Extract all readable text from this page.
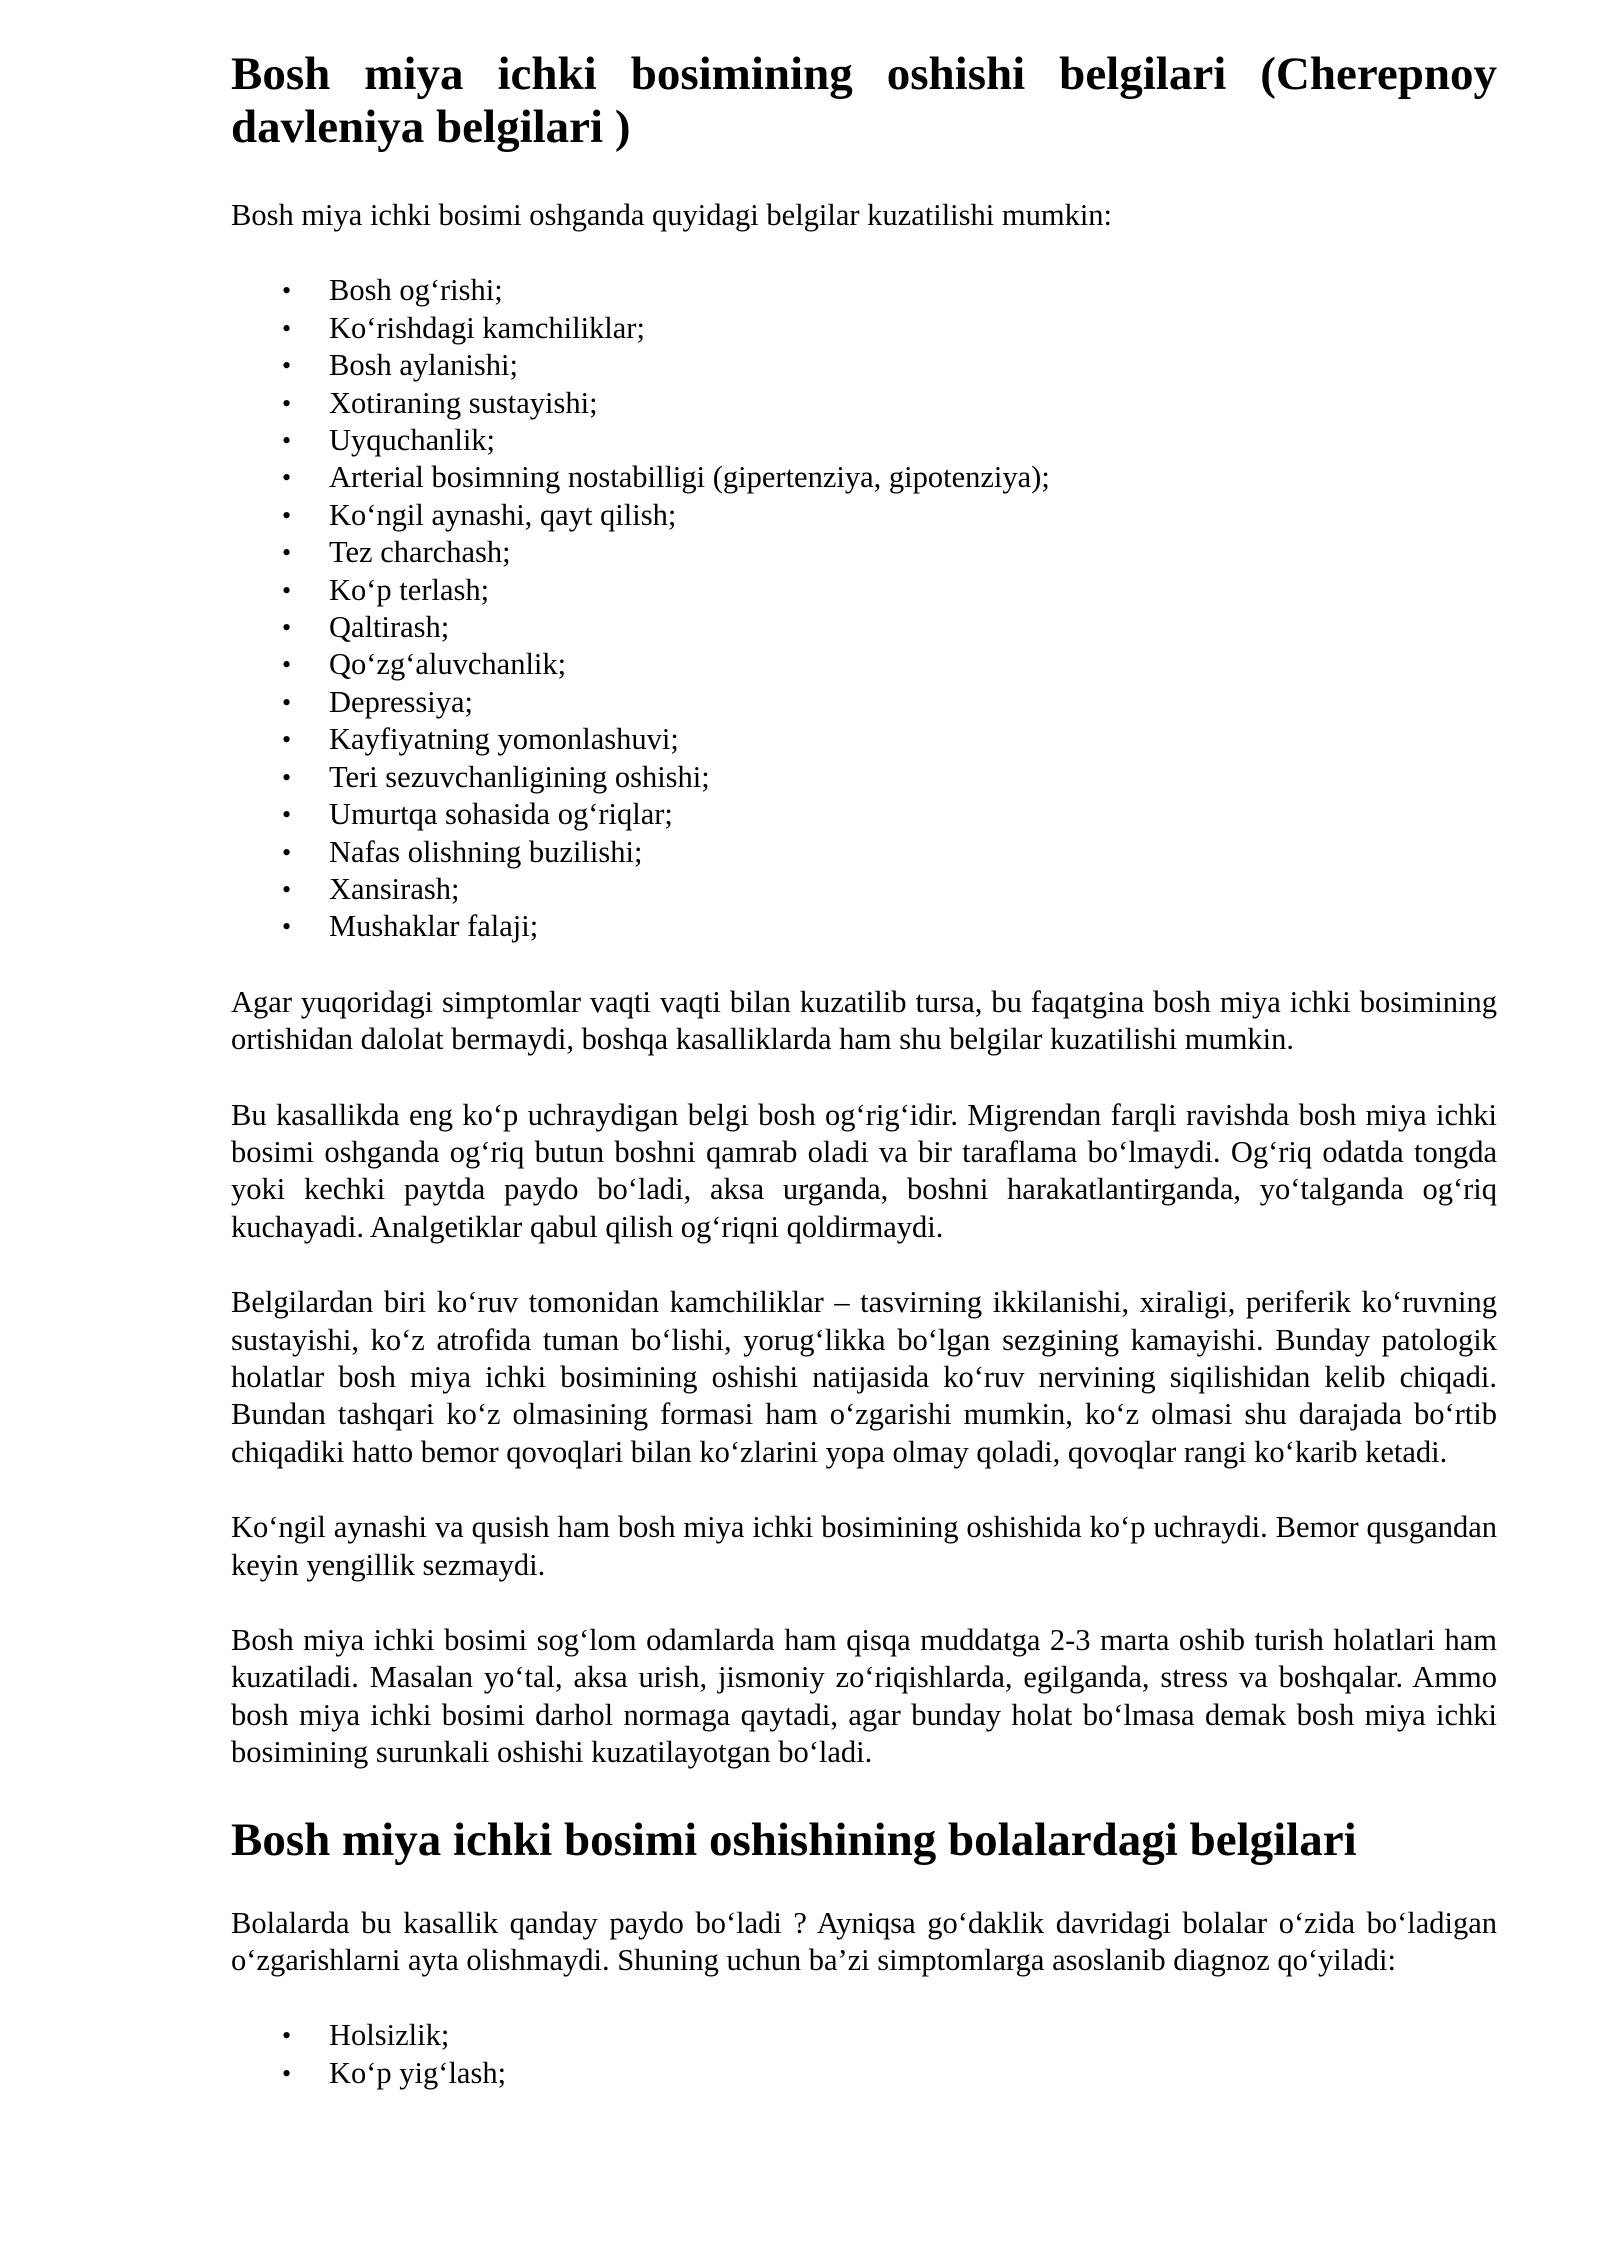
Bosh miya ichki bosimining oshishi belgilari (Cherepnoy davleniya belgilari )

Bosh miya ichki bosimi oshganda quyidagi belgilar kuzatilishi mumkin:

• Bosh og‘rishi;
• Ko‘rishdagi kamchiliklar;
• Bosh aylanishi;
• Xotiraning sustayishi;
• Uyquchanlik;
• Arterial bosimning nostabilligi (gipertenziya, gipotenziya);
• Ko‘ngil aynashi, qayt qilish;
• Tez charchash;
• Ko‘p terlash;
• Qaltirash;
• Qo‘zg‘aluvchanlik;
• Depressiya;
• Kayfiyatning yomonlashuvi;
• Teri sezuvchanligining oshishi;
• Umurtqa sohasida og‘riqlar;
• Nafas olishning buzilishi;
• Xansirash;
• Mushaklar falaji;

Agar yuqoridagi simptomlar vaqti vaqti bilan kuzatilib tursa, bu faqatgina bosh miya ichki bosimining ortishidan dalolat bermaydi, boshqa kasalliklarda ham shu belgilar kuzatilishi mumkin.

Bu kasallikda eng ko‘p uchraydigan belgi bosh og‘rig‘idir. Migrendan farqli ravishda bosh miya ichki bosimi oshganda og‘riq butun boshni qamrab oladi va bir taraflama bo‘lmaydi. Og‘riq odatda tongda yoki kechki paytda paydo bo‘ladi, aksa urganda, boshni harakatlantirganda, yo‘talganda og‘riq kuchayadi. Analgetiklar qabul qilish og‘riqni qoldirmaydi.

Belgilardan biri ko‘ruv tomonidan kamchiliklar – tasvirning ikkilanishi, xiraligi, periferik ko‘ruvning sustayishi, ko‘z atrofida tuman bo‘lishi, yorug‘likka bo‘lgan sezgining kamayishi. Bunday patologik holatlar bosh miya ichki bosimining oshishi natijasida ko‘ruv nervining siqilishidan kelib chiqadi. Bundan tashqari ko‘z olmasining formasi ham o‘zgarishi mumkin, ko‘z olmasi shu darajada bo‘rtib chiqadiki hatto bemor qovoqlari bilan ko‘zlarini yopa olmay qoladi, qovoqlar rangi ko‘karib ketadi.

Ko‘ngil aynashi va qusish ham bosh miya ichki bosimining oshishida ko‘p uchraydi. Bemor qusgandan keyin yengillik sezmaydi.

Bosh miya ichki bosimi sog‘lom odamlarda ham qisqa muddatga 2-3 marta oshib turish holatlari ham kuzatiladi. Masalan yo‘tal, aksa urish, jismoniy zo‘riqishlarda, egilganda, stress va boshqalar. Ammo bosh miya ichki bosimi darhol normaga qaytadi, agar bunday holat bo‘lmasa demak bosh miya ichki bosimining surunkali oshishi kuzatilayotgan bo‘ladi.

Bosh miya ichki bosimi oshishining bolalardagi belgilari

Bolalarda bu kasallik qanday paydo bo‘ladi ? Ayniqsa go‘daklik davridagi bolalar o‘zida bo‘ladigan o‘zgarishlarni ayta olishmaydi. Shuning uchun ba’zi simptomlarga asoslanib diagnoz qo‘yiladi:

• Holsizlik;
• Ko‘p yig‘lash;
